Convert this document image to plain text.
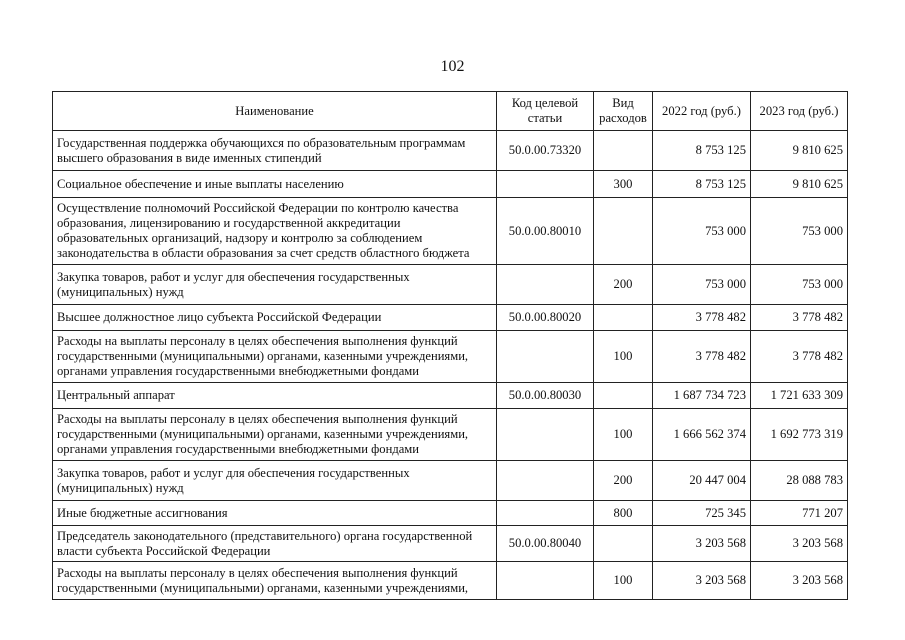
102
Наименование	Код целевой статьи	Вид расходов	2022 год (руб.)	2023 год (руб.)
Государственная поддержка обучающихся по образовательным программам высшего образования в виде именных стипендий	50.0.00.73320		8 753 125	9 810 625
Социальное обеспечение и иные выплаты населению		300	8 753 125	9 810 625
Осуществление полномочий Российской Федерации по контролю качества образования, лицензированию и государственной аккредитации образовательных организаций, надзору и контролю за соблюдением законодательства в области образования за счет средств областного бюджета	50.0.00.80010		753 000	753 000
Закупка товаров, работ и услуг для обеспечения государственных (муниципальных) нужд		200	753 000	753 000
Высшее должностное лицо субъекта Российской Федерации	50.0.00.80020		3 778 482	3 778 482
Расходы на выплаты персоналу в целях обеспечения выполнения функций государственными (муниципальными) органами, казенными учреждениями, органами управления государственными внебюджетными фондами		100	3 778 482	3 778 482
Центральный аппарат	50.0.00.80030		1 687 734 723	1 721 633 309
Расходы на выплаты персоналу в целях обеспечения выполнения функций государственными (муниципальными) органами, казенными учреждениями, органами управления государственными внебюджетными фондами		100	1 666 562 374	1 692 773 319
Закупка товаров, работ и услуг для обеспечения государственных (муниципальных) нужд		200	20 447 004	28 088 783
Иные бюджетные ассигнования		800	725 345	771 207
Председатель законодательного (представительного) органа государственной власти субъекта Российской Федерации	50.0.00.80040		3 203 568	3 203 568
Расходы на выплаты персоналу в целях обеспечения выполнения функций государственными (муниципальными) органами, казенными учреждениями,		100	3 203 568	3 203 568
